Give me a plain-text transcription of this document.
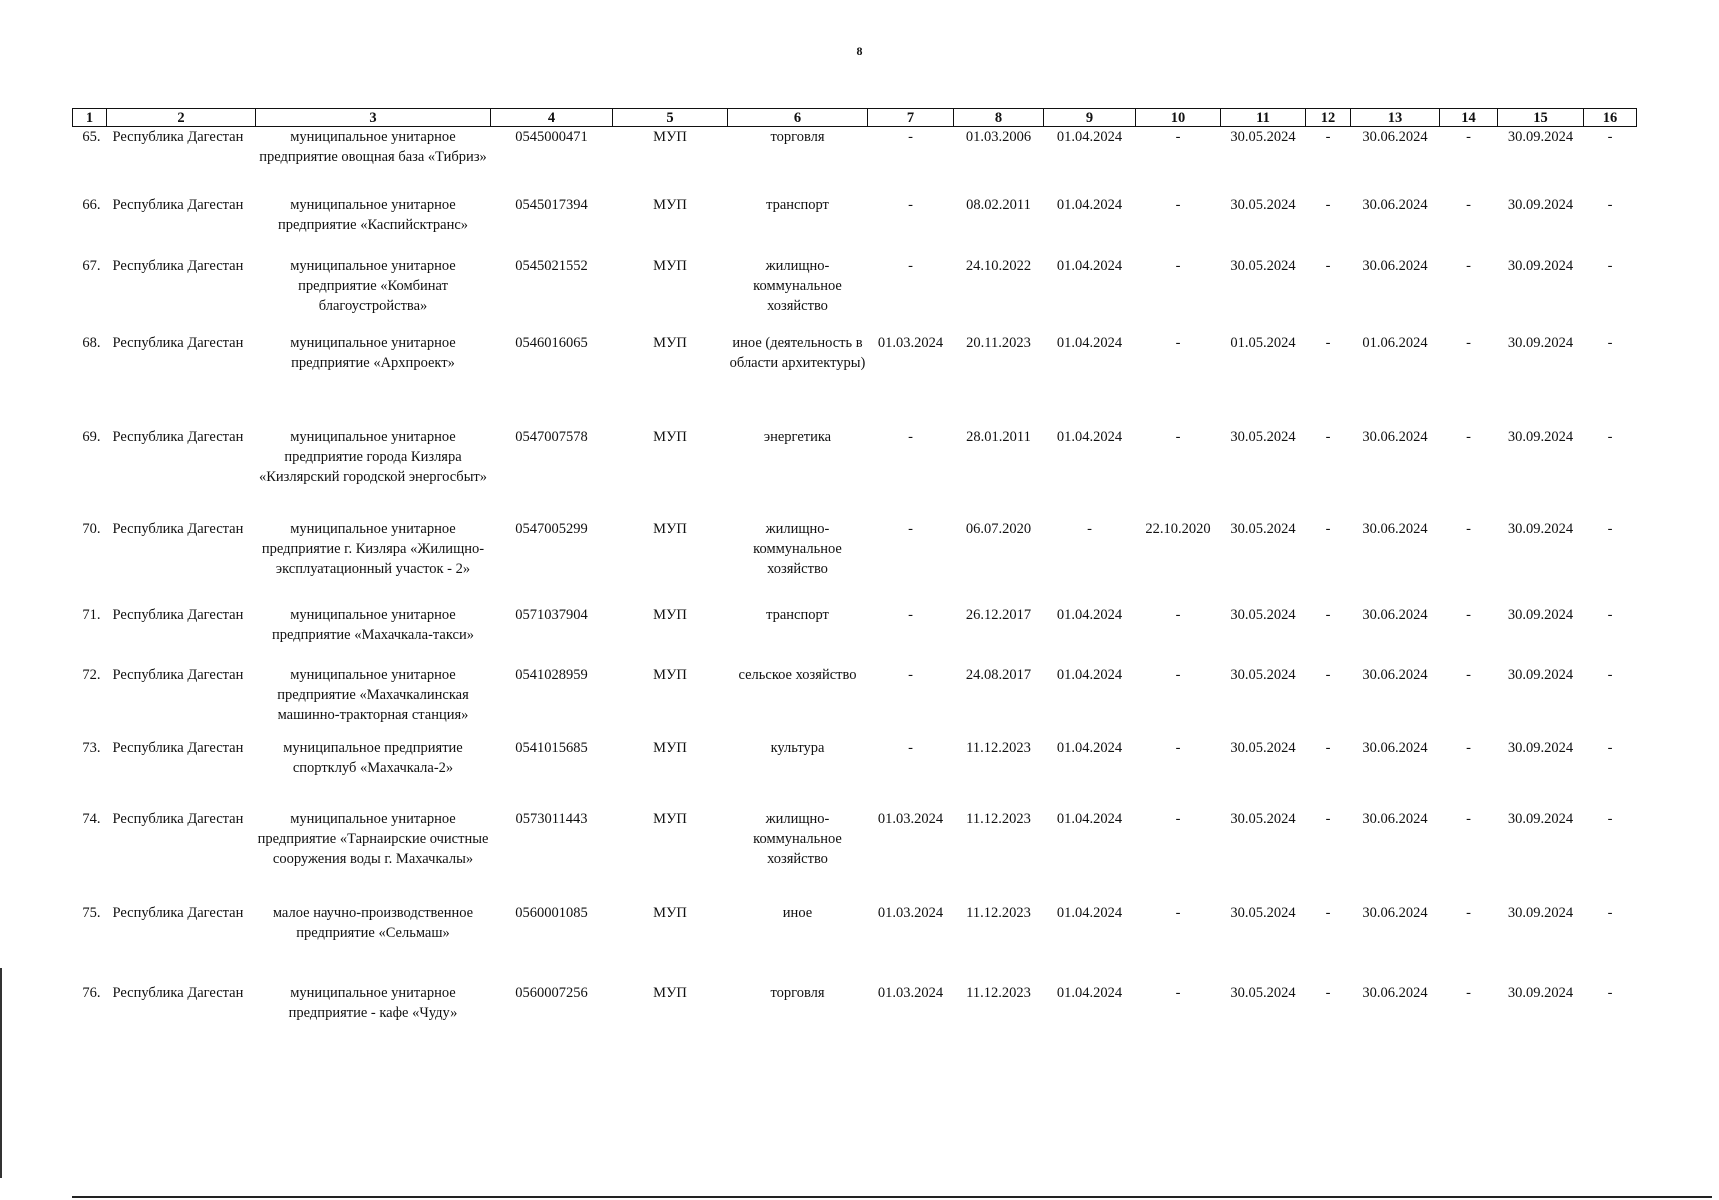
8
1	2	3	4	5	6	7	8	9	10	11	12	13	14	15	16
65.	Республика Дагестан	муниципальное унитарное предприятие овощная база «Тибриз»	0545000471	МУП	торговля	-	01.03.2006	01.04.2024	-	30.05.2024	-	30.06.2024	-	30.09.2024	-
66.	Республика Дагестан	муниципальное унитарное предприятие «Каспийсктранс»	0545017394	МУП	транспорт	-	08.02.2011	01.04.2024	-	30.05.2024	-	30.06.2024	-	30.09.2024	-
67.	Республика Дагестан	муниципальное унитарное предприятие «Комбинат благоустройства»	0545021552	МУП	жилищно-коммунальное хозяйство	-	24.10.2022	01.04.2024	-	30.05.2024	-	30.06.2024	-	30.09.2024	-
68.	Республика Дагестан	муниципальное унитарное предприятие «Архпроект»	0546016065	МУП	иное (деятельность в области архитектуры)	01.03.2024	20.11.2023	01.04.2024	-	01.05.2024	-	01.06.2024	-	30.09.2024	-
69.	Республика Дагестан	муниципальное унитарное предприятие города Кизляра «Кизлярский городской энергосбыт»	0547007578	МУП	энергетика	-	28.01.2011	01.04.2024	-	30.05.2024	-	30.06.2024	-	30.09.2024	-
70.	Республика Дагестан	муниципальное унитарное предприятие г. Кизляра «Жилищно-эксплуатационный участок - 2»	0547005299	МУП	жилищно-коммунальное хозяйство	-	06.07.2020	-	22.10.2020	30.05.2024	-	30.06.2024	-	30.09.2024	-
71.	Республика Дагестан	муниципальное унитарное предприятие «Махачкала-такси»	0571037904	МУП	транспорт	-	26.12.2017	01.04.2024	-	30.05.2024	-	30.06.2024	-	30.09.2024	-
72.	Республика Дагестан	муниципальное унитарное предприятие «Махачкалинская машинно-тракторная станция»	0541028959	МУП	сельское хозяйство	-	24.08.2017	01.04.2024	-	30.05.2024	-	30.06.2024	-	30.09.2024	-
73.	Республика Дагестан	муниципальное предприятие спортклуб «Махачкала-2»	0541015685	МУП	культура	-	11.12.2023	01.04.2024	-	30.05.2024	-	30.06.2024	-	30.09.2024	-
74.	Республика Дагестан	муниципальное унитарное предприятие «Тарнаирские очистные сооружения воды г. Махачкалы»	0573011443	МУП	жилищно-коммунальное хозяйство	01.03.2024	11.12.2023	01.04.2024	-	30.05.2024	-	30.06.2024	-	30.09.2024	-
75.	Республика Дагестан	малое научно-производственное предприятие «Сельмаш»	0560001085	МУП	иное	01.03.2024	11.12.2023	01.04.2024	-	30.05.2024	-	30.06.2024	-	30.09.2024	-
76.	Республика Дагестан	муниципальное унитарное предприятие - кафе «Чуду»	0560007256	МУП	торговля	01.03.2024	11.12.2023	01.04.2024	-	30.05.2024	-	30.06.2024	-	30.09.2024	-
